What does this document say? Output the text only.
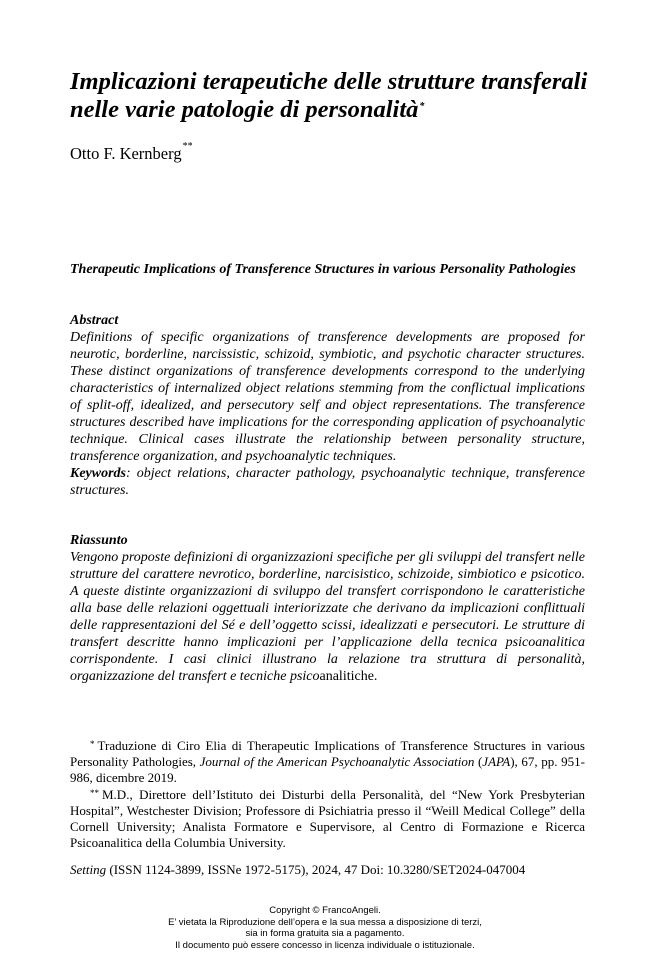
Implicazioni terapeutiche delle strutture transferali
nelle varie patologie di personalità*
Otto F. Kernberg**
Therapeutic Implications of Transference Structures in various Personality Pathologies
Abstract
Definitions of specific organizations of transference developments are proposed for neurotic, borderline, narcissistic, schizoid, symbiotic, and psychotic character structures. These distinct organizations of transference developments correspond to the underlying characteristics of internalized object relations stemming from the conflictual implications of split-off, idealized, and persecutory self and object representations. The transference structures described have implications for the corresponding application of psychoanalytic technique. Clinical cases illustrate the relationship between personality structure, transference organization, and psychoanalytic techniques.
Keywords: object relations, character pathology, psychoanalytic technique, transference structures.
Riassunto
Vengono proposte definizioni di organizzazioni specifiche per gli sviluppi del transfert nelle strutture del carattere nevrotico, borderline, narcisistico, schizoide, simbiotico e psicotico. A queste distinte organizzazioni di sviluppo del transfert corrispondono le caratteristiche alla base delle relazioni oggettuali interiorizzate che derivano da implicazioni conflittuali delle rappresentazioni del Sé e dell’oggetto scissi, idealizzati e persecutori. Le strutture di transfert descritte hanno implicazioni per l’applicazione della tecnica psicoanalitica corrispondente. I casi clinici illustrano la relazione tra struttura di personalità, organizzazione del transfert e tecniche psicoanalitiche.
* Traduzione di Ciro Elia di Therapeutic Implications of Transference Structures in various Personality Pathologies, Journal of the American Psychoanalytic Association (JAPA), 67, pp. 951-986, dicembre 2019.
** M.D., Direttore dell’Istituto dei Disturbi della Personalità, del “New York Presbyterian Hospital”, Westchester Division; Professore di Psichiatria presso il “Weill Medical College” della Cornell University; Analista Formatore e Supervisore, al Centro di Formazione e Ricerca Psicoanalitica della Columbia University.
Setting (ISSN 1124-3899, ISSNe 1972-5175), 2024, 47 Doi: 10.3280/SET2024-047004
Copyright © FrancoAngeli.
E’ vietata la Riproduzione dell’opera e la sua messa a disposizione di terzi,
sia in forma gratuita sia a pagamento.
Il documento può essere concesso in licenza individuale o istituzionale.
